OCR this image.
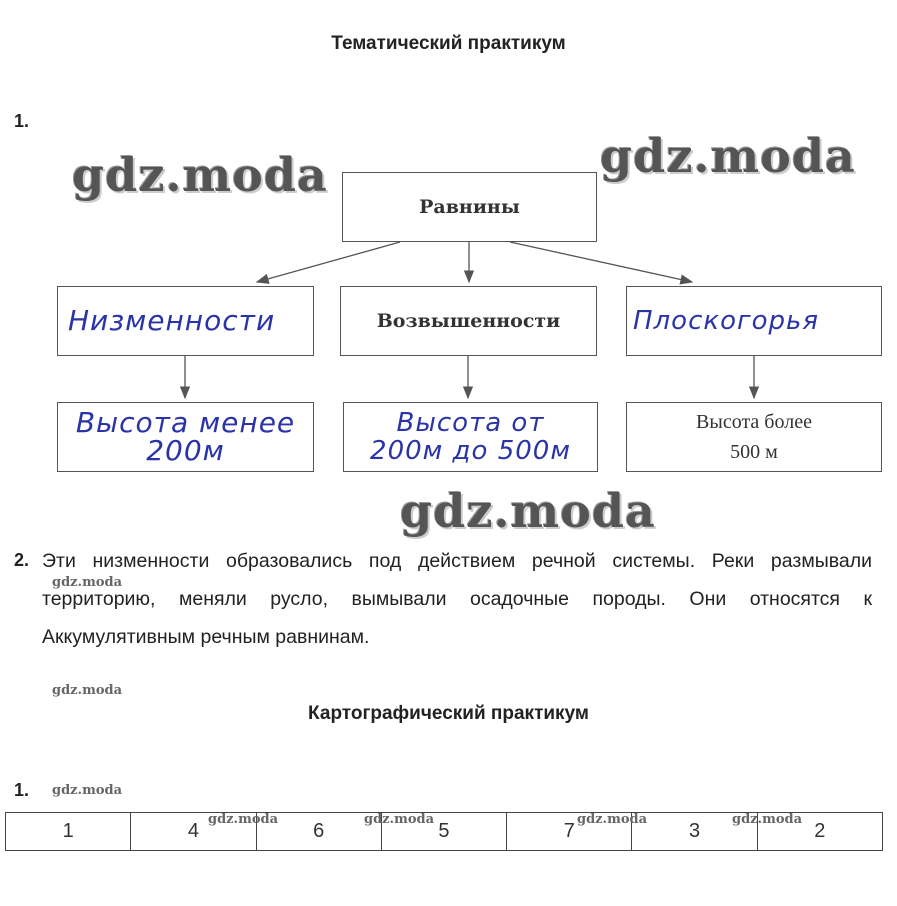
Тематический практикум
1.
gdz.moda	gdz.moda
Равнины
Низменности	Возвышенности	Плоскогорья
Высота менее
200м
Высота от
200м до 500м
Высота более
500 м
gdz.moda
2. Эти низменности образовались под действием речной системы. Реки размывали территорию, меняли русло, вымывали осадочные породы. Они относятся к Аккумулятивным речным равнинам.
gdz.moda
gdz.moda
Картографический практикум
1. gdz.moda
1	4	6	5	7	3	2
gdz.moda	gdz.moda	gdz.moda	gdz.moda
